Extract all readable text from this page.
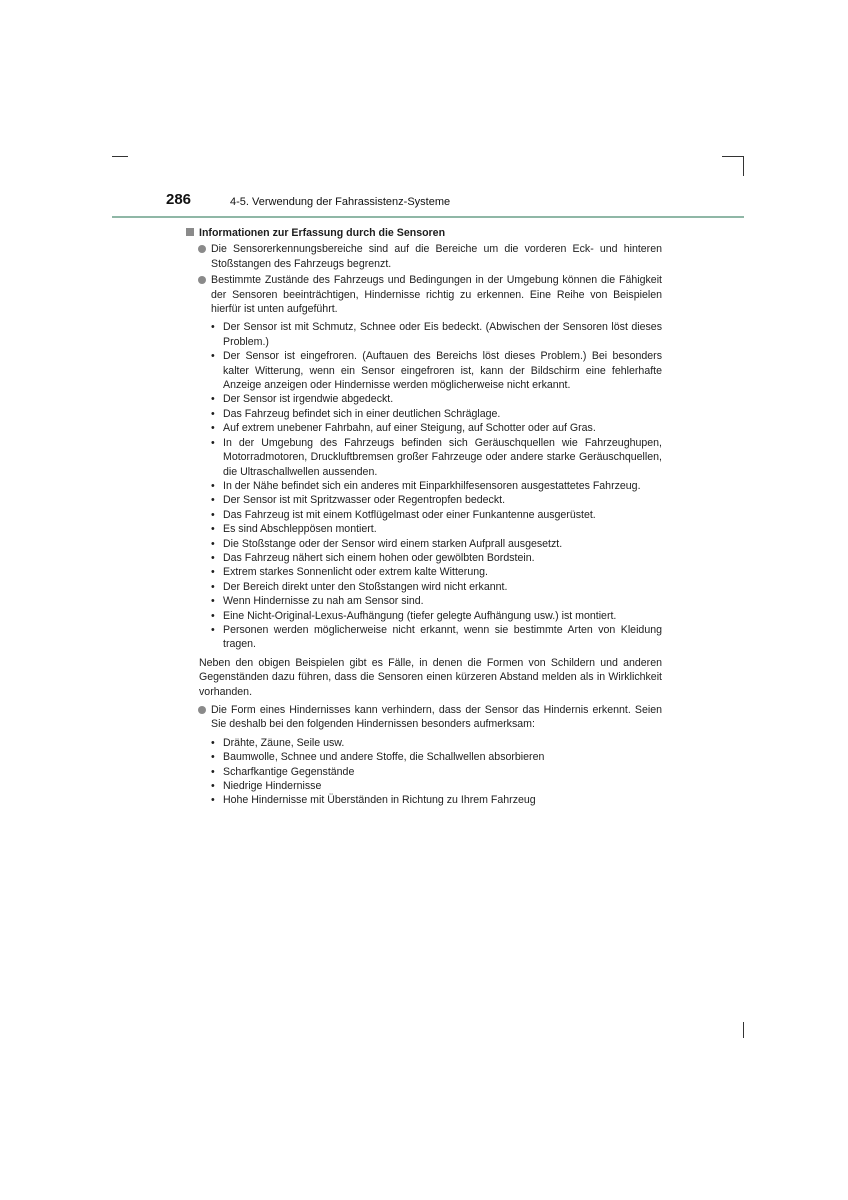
286	4-5. Verwendung der Fahrassistenz-Systeme
Informationen zur Erfassung durch die Sensoren
Die Sensorerkennungsbereiche sind auf die Bereiche um die vorderen Eck- und hinteren Stoßstangen des Fahrzeugs begrenzt.
Bestimmte Zustände des Fahrzeugs und Bedingungen in der Umgebung können die Fähigkeit der Sensoren beeinträchtigen, Hindernisse richtig zu erkennen. Eine Reihe von Beispielen hierfür ist unten aufgeführt.
• Der Sensor ist mit Schmutz, Schnee oder Eis bedeckt. (Abwischen der Sensoren löst dieses Problem.)
• Der Sensor ist eingefroren. (Auftauen des Bereichs löst dieses Problem.) Bei besonders kalter Witterung, wenn ein Sensor eingefroren ist, kann der Bildschirm eine fehlerhafte Anzeige anzeigen oder Hindernisse werden möglicherweise nicht erkannt.
• Der Sensor ist irgendwie abgedeckt.
• Das Fahrzeug befindet sich in einer deutlichen Schräglage.
• Auf extrem unebener Fahrbahn, auf einer Steigung, auf Schotter oder auf Gras.
• In der Umgebung des Fahrzeugs befinden sich Geräuschquellen wie Fahrzeughupen, Motorradmotoren, Druckluftbremsen großer Fahrzeuge oder andere starke Geräuschquellen, die Ultraschallwellen aussenden.
• In der Nähe befindet sich ein anderes mit Einparkhilfesensoren ausgestattetes Fahrzeug.
• Der Sensor ist mit Spritzwasser oder Regentropfen bedeckt.
• Das Fahrzeug ist mit einem Kotflügelmast oder einer Funkantenne ausgerüstet.
• Es sind Abschleppösen montiert.
• Die Stoßstange oder der Sensor wird einem starken Aufprall ausgesetzt.
• Das Fahrzeug nähert sich einem hohen oder gewölbten Bordstein.
• Extrem starkes Sonnenlicht oder extrem kalte Witterung.
• Der Bereich direkt unter den Stoßstangen wird nicht erkannt.
• Wenn Hindernisse zu nah am Sensor sind.
• Eine Nicht-Original-Lexus-Aufhängung (tiefer gelegte Aufhängung usw.) ist montiert.
• Personen werden möglicherweise nicht erkannt, wenn sie bestimmte Arten von Kleidung tragen.
Neben den obigen Beispielen gibt es Fälle, in denen die Formen von Schildern und anderen Gegenständen dazu führen, dass die Sensoren einen kürzeren Abstand melden als in Wirklichkeit vorhanden.
Die Form eines Hindernisses kann verhindern, dass der Sensor das Hindernis erkennt. Seien Sie deshalb bei den folgenden Hindernissen besonders aufmerksam:
• Drähte, Zäune, Seile usw.
• Baumwolle, Schnee und andere Stoffe, die Schallwellen absorbieren
• Scharfkantige Gegenstände
• Niedrige Hindernisse
• Hohe Hindernisse mit Überständen in Richtung zu Ihrem Fahrzeug
